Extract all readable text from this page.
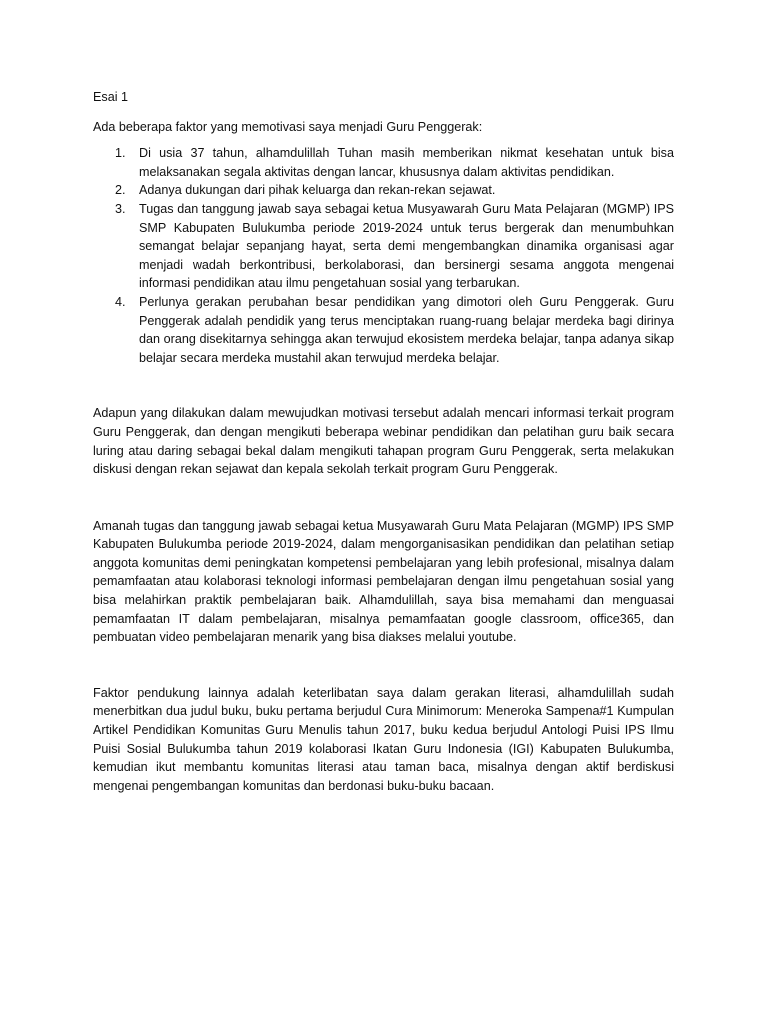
Esai 1
Ada beberapa faktor yang memotivasi saya menjadi Guru Penggerak:
1. Di usia 37 tahun, alhamdulillah Tuhan masih memberikan nikmat kesehatan untuk bisa melaksanakan segala aktivitas dengan lancar, khususnya dalam aktivitas pendidikan.
2. Adanya dukungan dari pihak keluarga dan rekan-rekan sejawat.
3. Tugas dan tanggung jawab saya sebagai ketua Musyawarah Guru Mata Pelajaran (MGMP) IPS SMP Kabupaten Bulukumba periode 2019-2024 untuk terus bergerak dan menumbuhkan semangat belajar sepanjang hayat, serta demi mengembangkan dinamika organisasi agar menjadi wadah berkontribusi, berkolaborasi, dan bersinergi sesama anggota mengenai informasi pendidikan atau ilmu pengetahuan sosial yang terbarukan.
4. Perlunya gerakan perubahan besar pendidikan yang dimotori oleh Guru Penggerak. Guru Penggerak adalah pendidik yang terus menciptakan ruang-ruang belajar merdeka bagi dirinya dan orang disekitarnya sehingga akan terwujud ekosistem merdeka belajar, tanpa adanya sikap belajar secara merdeka mustahil akan terwujud merdeka belajar.

Adapun yang dilakukan dalam mewujudkan motivasi tersebut adalah mencari informasi terkait program Guru Penggerak, dan dengan mengikuti beberapa webinar pendidikan dan pelatihan guru baik secara luring atau daring sebagai bekal dalam mengikuti tahapan program Guru Penggerak, serta melakukan diskusi dengan rekan sejawat dan kepala sekolah terkait program Guru Penggerak.

Amanah tugas dan tanggung jawab sebagai ketua Musyawarah Guru Mata Pelajaran (MGMP) IPS SMP Kabupaten Bulukumba periode 2019-2024, dalam mengorganisasikan pendidikan dan pelatihan setiap anggota komunitas demi peningkatan kompetensi pembelajaran yang lebih profesional, misalnya dalam pemamfaatan atau kolaborasi teknologi informasi pembelajaran dengan ilmu pengetahuan sosial yang bisa melahirkan praktik pembelajaran baik. Alhamdulillah, saya bisa memahami dan menguasai pemamfaatan IT dalam pembelajaran, misalnya pemamfaatan google classroom, office365, dan pembuatan video pembelajaran menarik yang bisa diakses melalui youtube.

Faktor pendukung lainnya adalah keterlibatan saya dalam gerakan literasi, alhamdulillah sudah menerbitkan dua judul buku, buku pertama berjudul Cura Minimorum: Meneroka Sampena#1 Kumpulan Artikel Pendidikan Komunitas Guru Menulis tahun 2017, buku kedua berjudul Antologi Puisi IPS Ilmu Puisi Sosial Bulukumba tahun 2019 kolaborasi Ikatan Guru Indonesia (IGI) Kabupaten Bulukumba, kemudian ikut membantu komunitas literasi atau taman baca, misalnya dengan aktif berdiskusi mengenai pengembangan komunitas dan berdonasi buku-buku bacaan.
